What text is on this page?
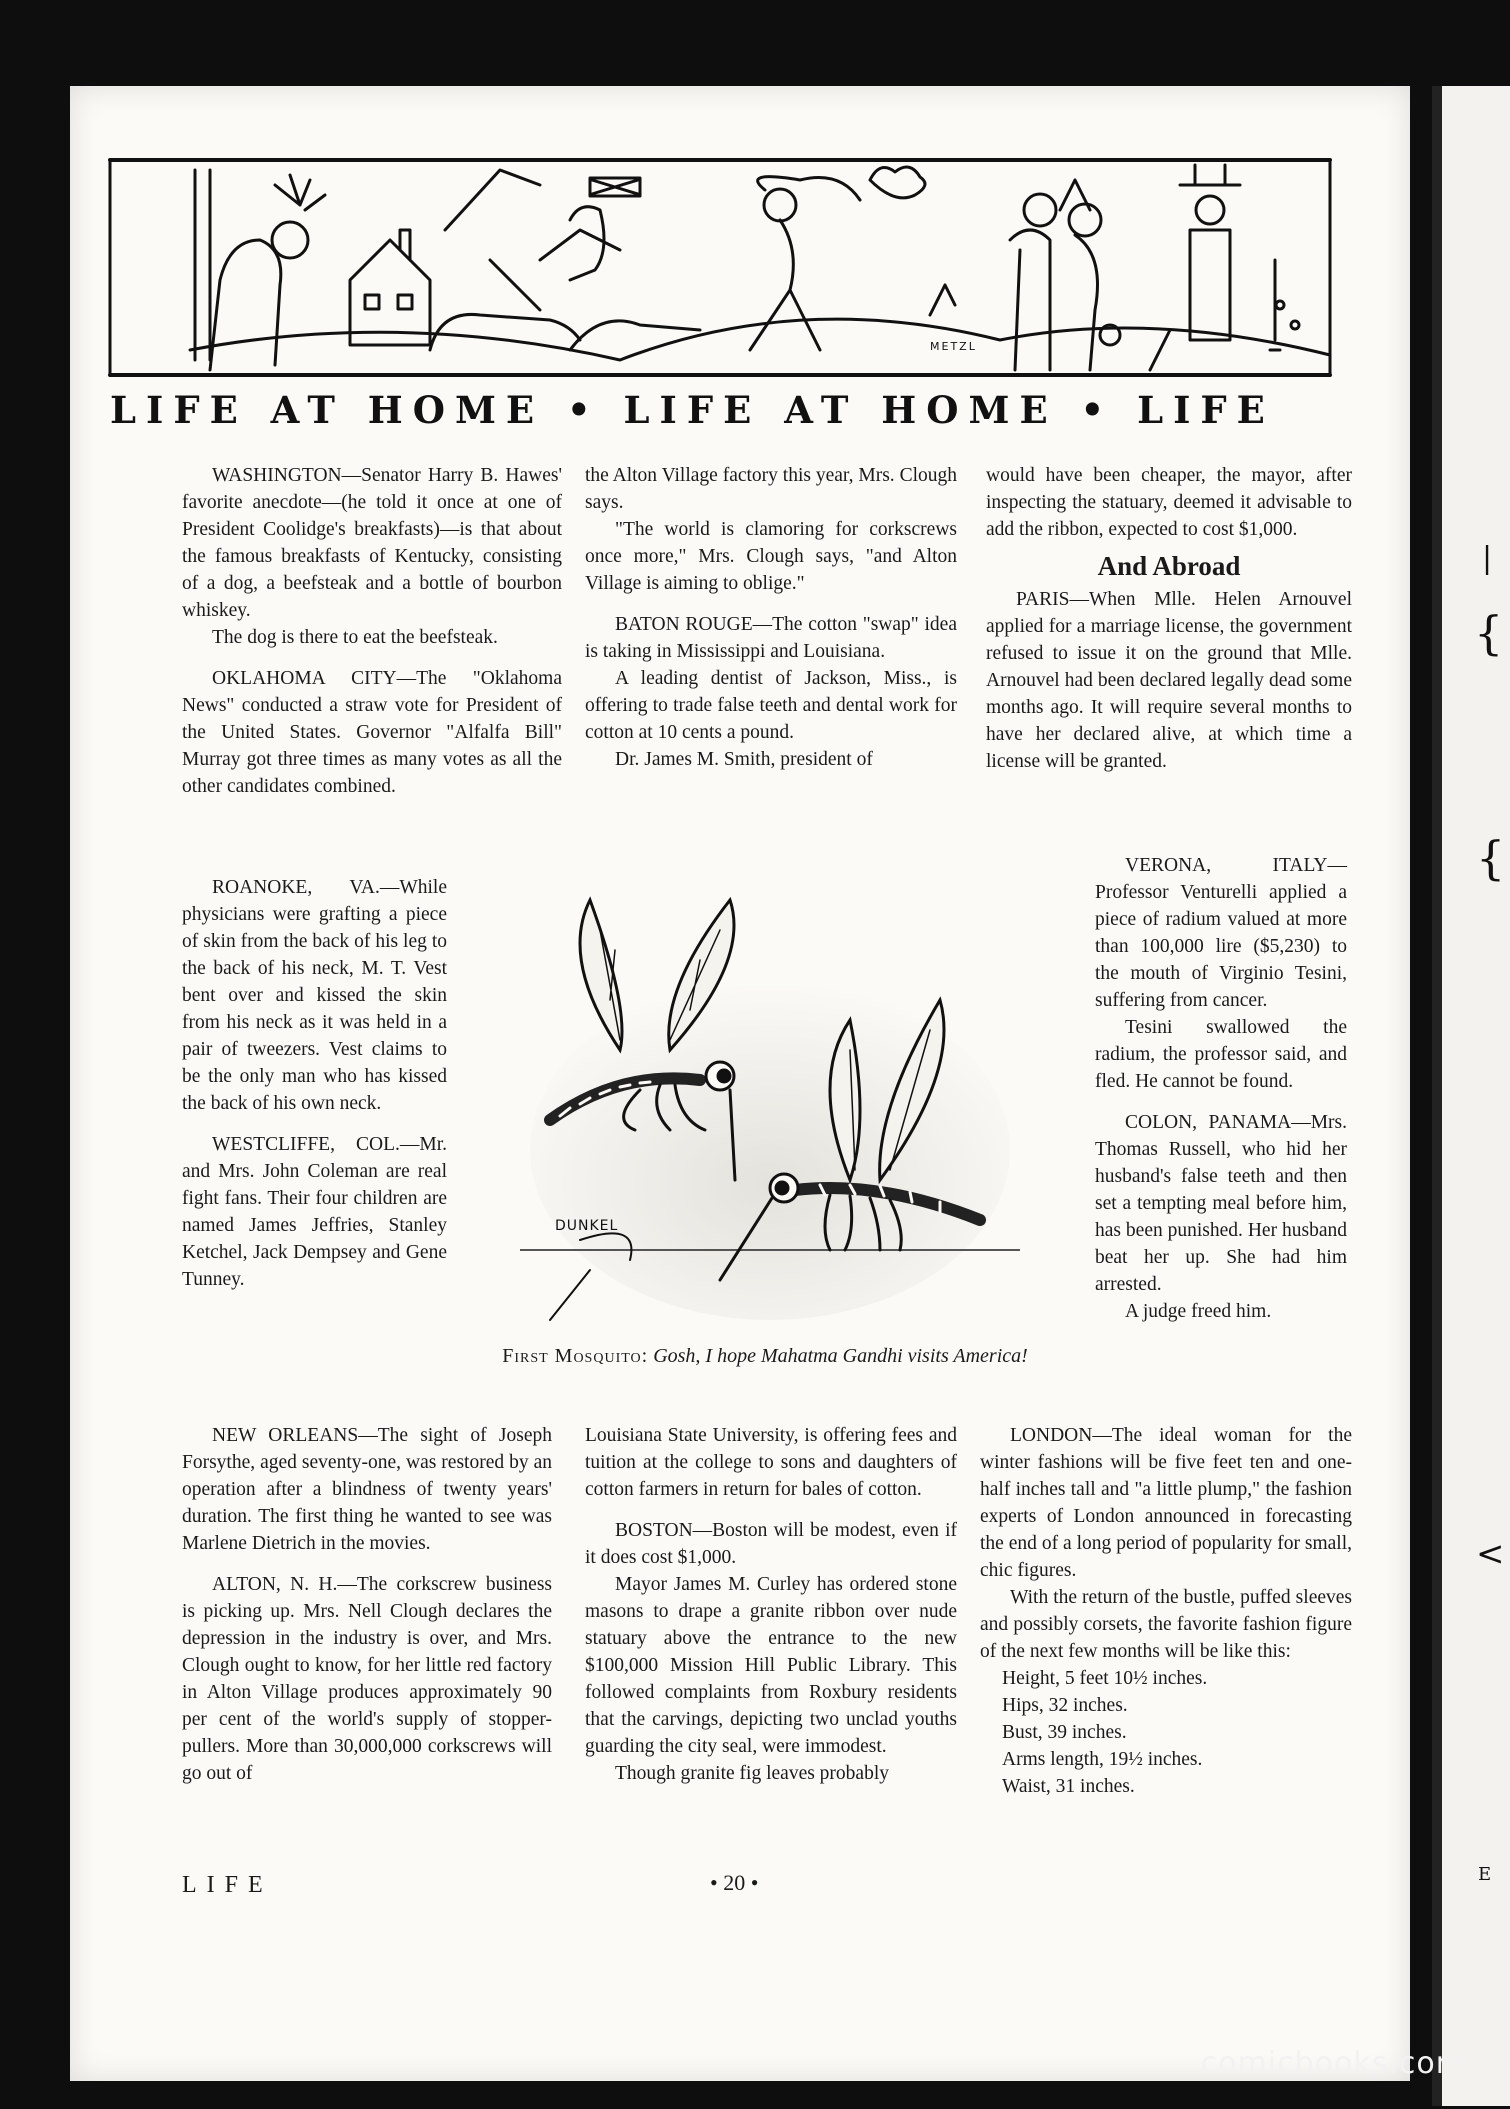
|
{
{
<
E
METZL
LIFE AT HOME • LIFE AT HOME • LIFE

WASHINGTON—Senator Harry B. Hawes' favorite anecdote—(he told it once at one of President Coolidge's breakfasts)—is that about the famous breakfasts of Kentucky, consisting of a dog, a beefsteak and a bottle of bourbon whiskey.

The dog is there to eat the beefsteak.

OKLAHOMA CITY—The "Oklahoma News" conducted a straw vote for President of the United States. Governor "Alfalfa Bill" Murray got three times as many votes as all the other candidates combined.

ROANOKE, VA.—While physicians were grafting a piece of skin from the back of his leg to the back of his neck, M. T. Vest bent over and kissed the skin from his neck as it was held in a pair of tweezers. Vest claims to be the only man who has kissed the back of his own neck.

WESTCLIFFE, COL.—Mr. and Mrs. John Coleman are real fight fans. Their four children are named James Jeffries, Stanley Ketchel, Jack Dempsey and Gene Tunney.

the Alton Village factory this year, Mrs. Clough says.

"The world is clamoring for corkscrews once more," Mrs. Clough says, "and Alton Village is aiming to oblige."

BATON ROUGE—The cotton "swap" idea is taking in Mississippi and Louisiana.

A leading dentist of Jackson, Miss., is offering to trade false teeth and dental work for cotton at 10 cents a pound.

Dr. James M. Smith, president of

would have been cheaper, the mayor, after inspecting the statuary, deemed it advisable to add the ribbon, expected to cost $1,000.

And Abroad

PARIS—When Mlle. Helen Arnouvel applied for a marriage license, the government refused to issue it on the ground that Mlle. Arnouvel had been declared legally dead some months ago. It will require several months to have her declared alive, at which time a license will be granted.

VERONA, ITALY—Professor Venturelli applied a piece of radium valued at more than 100,000 lire ($5,230) to the mouth of Virginio Tesini, suffering from cancer.

Tesini swallowed the radium, the professor said, and fled. He cannot be found.

COLON, PANAMA—Mrs. Thomas Russell, who hid her husband's false teeth and then set a tempting meal before him, has been punished. Her husband beat her up. She had him arrested.

A judge freed him.

DUNKEL
First Mosquito: Gosh, I hope Mahatma Gandhi visits America!

NEW ORLEANS—The sight of Joseph Forsythe, aged seventy-one, was restored by an operation after a blindness of twenty years' duration. The first thing he wanted to see was Marlene Dietrich in the movies.

ALTON, N. H.—The corkscrew business is picking up. Mrs. Nell Clough declares the depression in the industry is over, and Mrs. Clough ought to know, for her little red factory in Alton Village produces approximately 90 per cent of the world's supply of stopper-pullers. More than 30,000,000 corkscrews will go out of

Louisiana State University, is offering fees and tuition at the college to sons and daughters of cotton farmers in return for bales of cotton.

BOSTON—Boston will be modest, even if it does cost $1,000.

Mayor James M. Curley has ordered stone masons to drape a granite ribbon over nude statuary above the entrance to the new $100,000 Mission Hill Public Library. This followed complaints from Roxbury residents that the carvings, depicting two unclad youths guarding the city seal, were immodest.

Though granite fig leaves probably

LONDON—The ideal woman for the winter fashions will be five feet ten and one-half inches tall and "a little plump," the fashion experts of London announced in forecasting the end of a long period of popularity for small, chic figures.

With the return of the bustle, puffed sleeves and possibly corsets, the favorite fashion figure of the next few months will be like this:

Height, 5 feet 10½ inches.

Hips, 32 inches.

Bust, 39 inches.

Arms length, 19½ inches.

Waist, 31 inches.

LIFE	• 20 •
comicbooks.com
